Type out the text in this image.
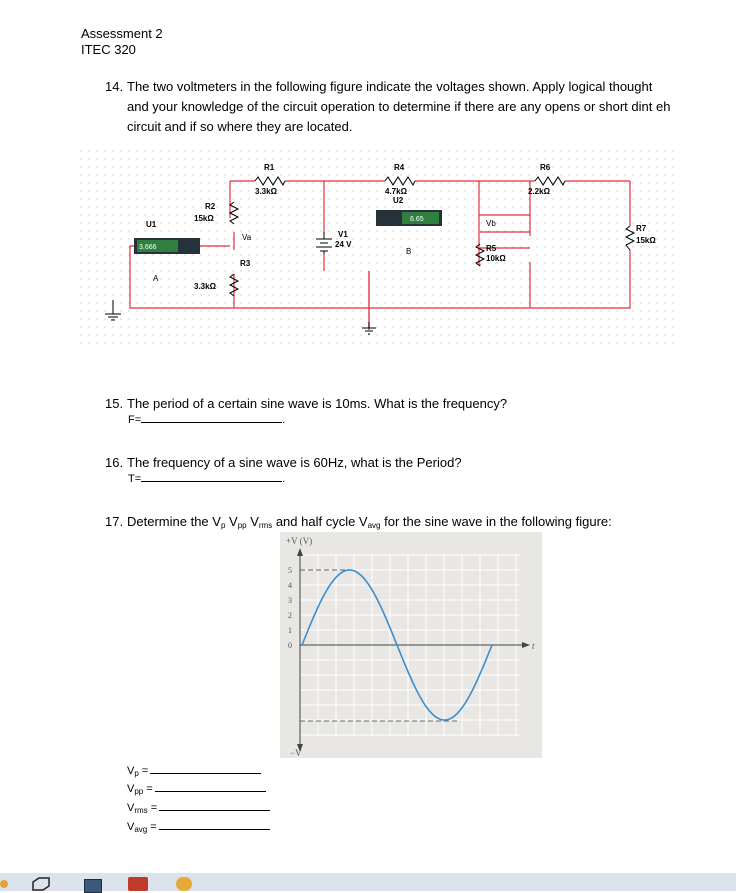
Assessment 2
ITEC 320
14. The two voltmeters in the following figure indicate the voltages shown. Apply logical thought
and your knowledge of the circuit operation to determine if there are any opens or short dint eh
circuit and if so where they are located.
R1
3.3kΩ
R4
4.7kΩ
R6
2.2kΩ
R2
15kΩ
R3
3.3kΩ
R5
10kΩ
R7
15kΩ
V1
24 V
U1
3.666
A
U2
6.65
B
Va
Vb
15. The period of a certain sine wave is 10ms. What is the frequency?
F=	.
16. The frequency of a sine wave is 60Hz, what is the Period?
T=	.
17. Determine the $V_p$ $V_{pp}$ $V_{rms}$ and half cycle $V_{avg}$ for the sine wave in the following figure:
+V (V)
−V
t
5
4
3
2
1
0
$V_p$ =
$V_{pp}$ =
$V_{rms}$ =
$V_{avg}$ =
